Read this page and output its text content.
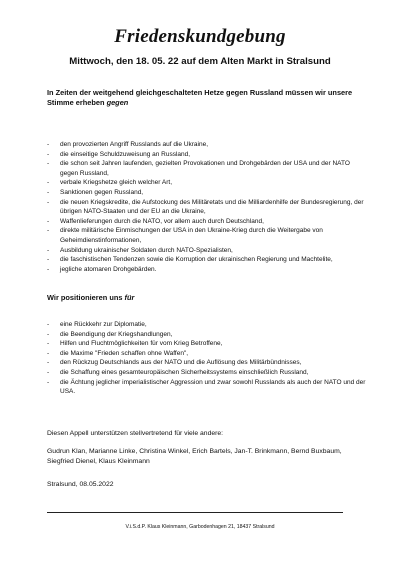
Friedenskundgebung
Mittwoch, den 18. 05. 22 auf dem Alten Markt in Stralsund
In Zeiten der weitgehend gleichgeschalteten Hetze gegen Russland müssen wir unsere Stimme erheben gegen
- den provozierten Angriff Russlands auf die Ukraine,
- die einseitige Schuldzuweisung an Russland,
- die schon seit Jahren laufenden, gezielten Provokationen und Drohgebärden der USA und der NATO gegen Russland,
- verbale Kriegshetze gleich welcher Art,
- Sanktionen gegen Russland,
- die neuen Kriegskredite, die Aufstockung des Militäretats und die Milliardenhilfe der Bundesregierung, der übrigen NATO-Staaten und der EU an die Ukraine,
- Waffenlieferungen durch die NATO, vor allem auch durch Deutschland,
- direkte militärische Einmischungen der USA in den Ukraine-Krieg durch die Weitergabe von Geheimdienstinformationen,
- Ausbildung ukrainischer Soldaten durch NATO-Spezialisten,
- die faschistischen Tendenzen sowie die Korruption der ukrainischen Regierung und Machtelite,
- jegliche atomaren Drohgebärden.
Wir positionieren uns für
- eine Rückkehr zur Diplomatie,
- die Beendigung der Kriegshandlungen,
- Hilfen und Fluchtmöglichkeiten für vom Krieg Betroffene,
- die Maxime "Frieden schaffen ohne Waffen",
- den Rückzug Deutschlands aus der NATO und die Auflösung des Militärbündnisses,
- die Schaffung eines gesamteuropäischen Sicherheitssystems einschließlich Russland,
- die Ächtung jeglicher imperialistischer Aggression und zwar sowohl Russlands als auch der NATO und der USA.
Diesen Appell unterstützen stellvertretend für viele andere:
Gudrun Klan, Marianne Linke, Christina Winkel, Erich Bartels, Jan-T. Brinkmann, Bernd Buxbaum, Siegfried Dienel, Klaus Kleinmann
Stralsund, 08.05.2022
V.i.S.d.P. Klaus Kleinmann, Garbodenhagen 21, 18437 Stralsund
